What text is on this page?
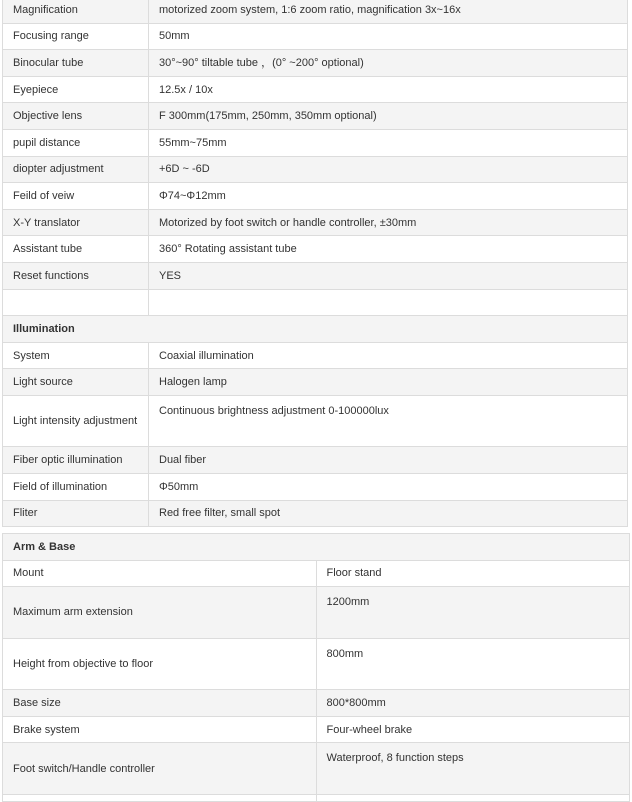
Magnification	motorized zoom system, 1:6 zoom ratio, magnification 3x~16x
Focusing range	50mm
Binocular tube	30°~90° tiltable tube ，(0° ~200° optional)
Eyepiece	12.5x / 10x
Objective lens	F 300mm(175mm, 250mm, 350mm optional)
pupil distance	55mm~75mm
diopter adjustment	+6D ~ -6D
Feild of veiw	Φ74~Φ12mm
X-Y translator	Motorized by foot switch or handle controller, ±30mm
Assistant tube	360° Rotating assistant tube
Reset functions	YES

Illumination	
System	Coaxial illumination
Light source	Halogen lamp
Light intensity adjustment	Continuous brightness adjustment 0-100000lux
Fiber optic illumination	Dual fiber
Field of illumination	Φ50mm
Fliter	Red free filter, small spot
Arm & Base	
Mount	Floor stand
Maximum arm extension	1200mm
Height from objective to floor	800mm
Base size	800*800mm
Brake system	Four-wheel brake
Foot switch/Handle controller	Waterproof, 8 function steps
